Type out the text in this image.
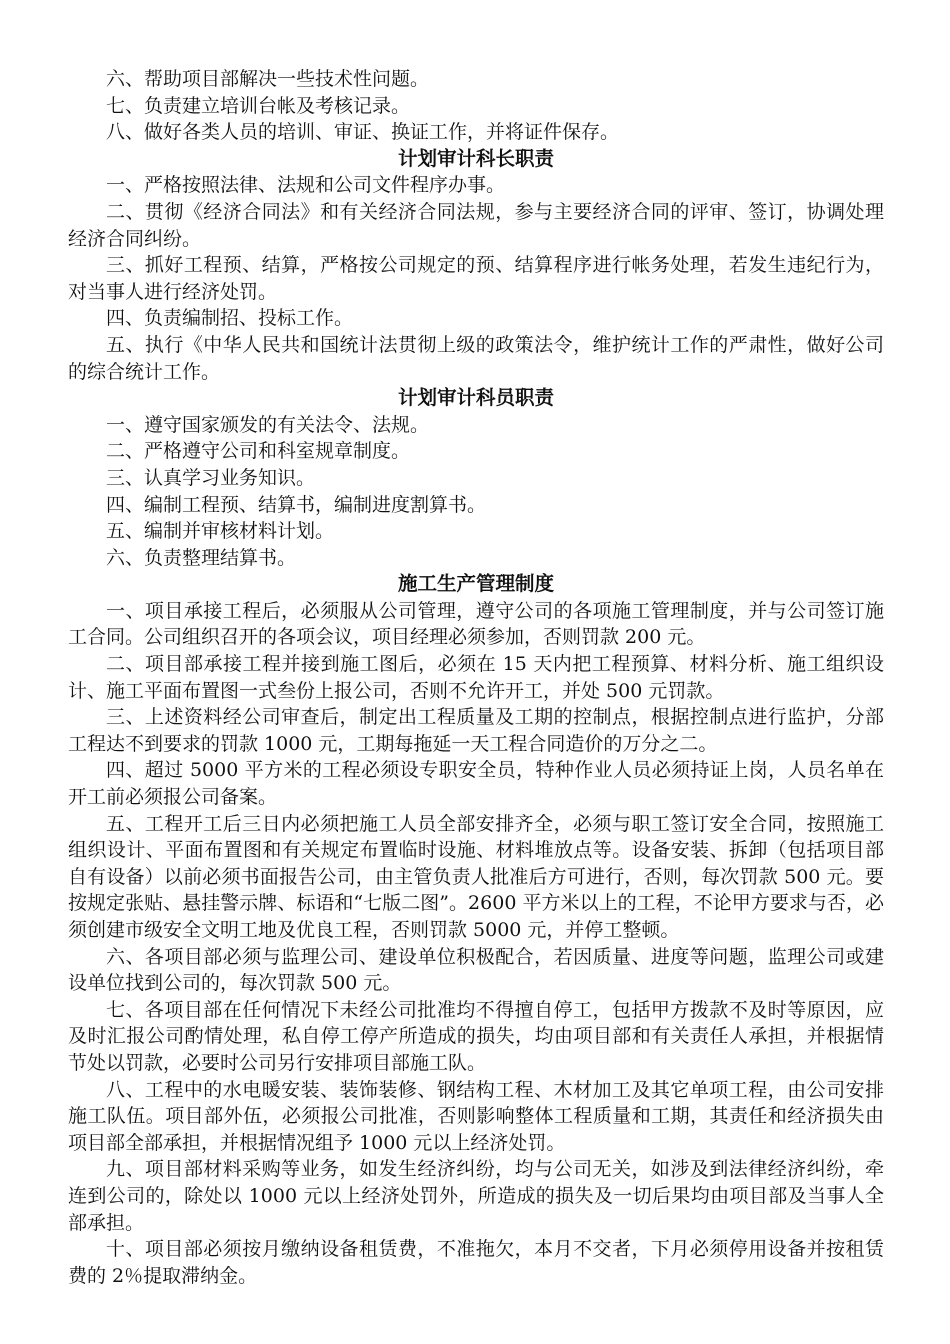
六、帮助项目部解决一些技术性问题。

七、负责建立培训台帐及考核记录。

八、做好各类人员的培训、审证、换证工作，并将证件保存。

计划审计科长职责

一、严格按照法律、法规和公司文件程序办事。

二、贯彻《经济合同法》和有关经济合同法规，参与主要经济合同的评审、签订，协调处理经济合同纠纷。

三、抓好工程预、结算，严格按公司规定的预、结算程序进行帐务处理，若发生违纪行为，对当事人进行经济处罚。

四、负责编制招、投标工作。

五、执行《中华人民共和国统计法贯彻上级的政策法令，维护统计工作的严肃性，做好公司的综合统计工作。

计划审计科员职责

一、遵守国家颁发的有关法令、法规。

二、严格遵守公司和科室规章制度。

三、认真学习业务知识。

四、编制工程预、结算书，编制进度割算书。

五、编制并审核材料计划。

六、负责整理结算书。

施工生产管理制度

一、项目承接工程后，必须服从公司管理，遵守公司的各项施工管理制度，并与公司签订施工合同。公司组织召开的各项会议，项目经理必须参加，否则罚款 200 元。

二、项目部承接工程并接到施工图后，必须在 15 天内把工程预算、材料分析、施工组织设计、施工平面布置图一式叁份上报公司，否则不允许开工，并处 500 元罚款。

三、上述资料经公司审查后，制定出工程质量及工期的控制点，根据控制点进行监护，分部工程达不到要求的罚款 1000 元，工期每拖延一天工程合同造价的万分之二。

四、超过 5000 平方米的工程必须设专职安全员，特种作业人员必须持证上岗，人员名单在开工前必须报公司备案。

五、工程开工后三日内必须把施工人员全部安排齐全，必须与职工签订安全合同，按照施工组织设计、平面布置图和有关规定布置临时设施、材料堆放点等。设备安装、拆卸（包括项目部自有设备）以前必须书面报告公司，由主管负责人批准后方可进行，否则，每次罚款 500 元。要按规定张贴、悬挂警示牌、标语和“七版二图”。2600 平方米以上的工程，不论甲方要求与否，必须创建市级安全文明工地及优良工程，否则罚款 5000 元，并停工整顿。

六、各项目部必须与监理公司、建设单位积极配合，若因质量、进度等问题，监理公司或建设单位找到公司的，每次罚款 500 元。

七、各项目部在任何情况下未经公司批准均不得擅自停工，包括甲方拨款不及时等原因，应及时汇报公司酌情处理，私自停工停产所造成的损失，均由项目部和有关责任人承担，并根据情节处以罚款，必要时公司另行安排项目部施工队。

八、工程中的水电暖安装、装饰装修、钢结构工程、木材加工及其它单项工程，由公司安排施工队伍。项目部外伍，必须报公司批准，否则影响整体工程质量和工期，其责任和经济损失由项目部全部承担，并根据情况组予 1000 元以上经济处罚。

九、项目部材料采购等业务，如发生经济纠纷，均与公司无关，如涉及到法律经济纠纷，牵连到公司的，除处以 1000 元以上经济处罚外，所造成的损失及一切后果均由项目部及当事人全部承担。

十、项目部必须按月缴纳设备租赁费，不准拖欠，本月不交者，下月必须停用设备并按租赁费的 2％提取滞纳金。
